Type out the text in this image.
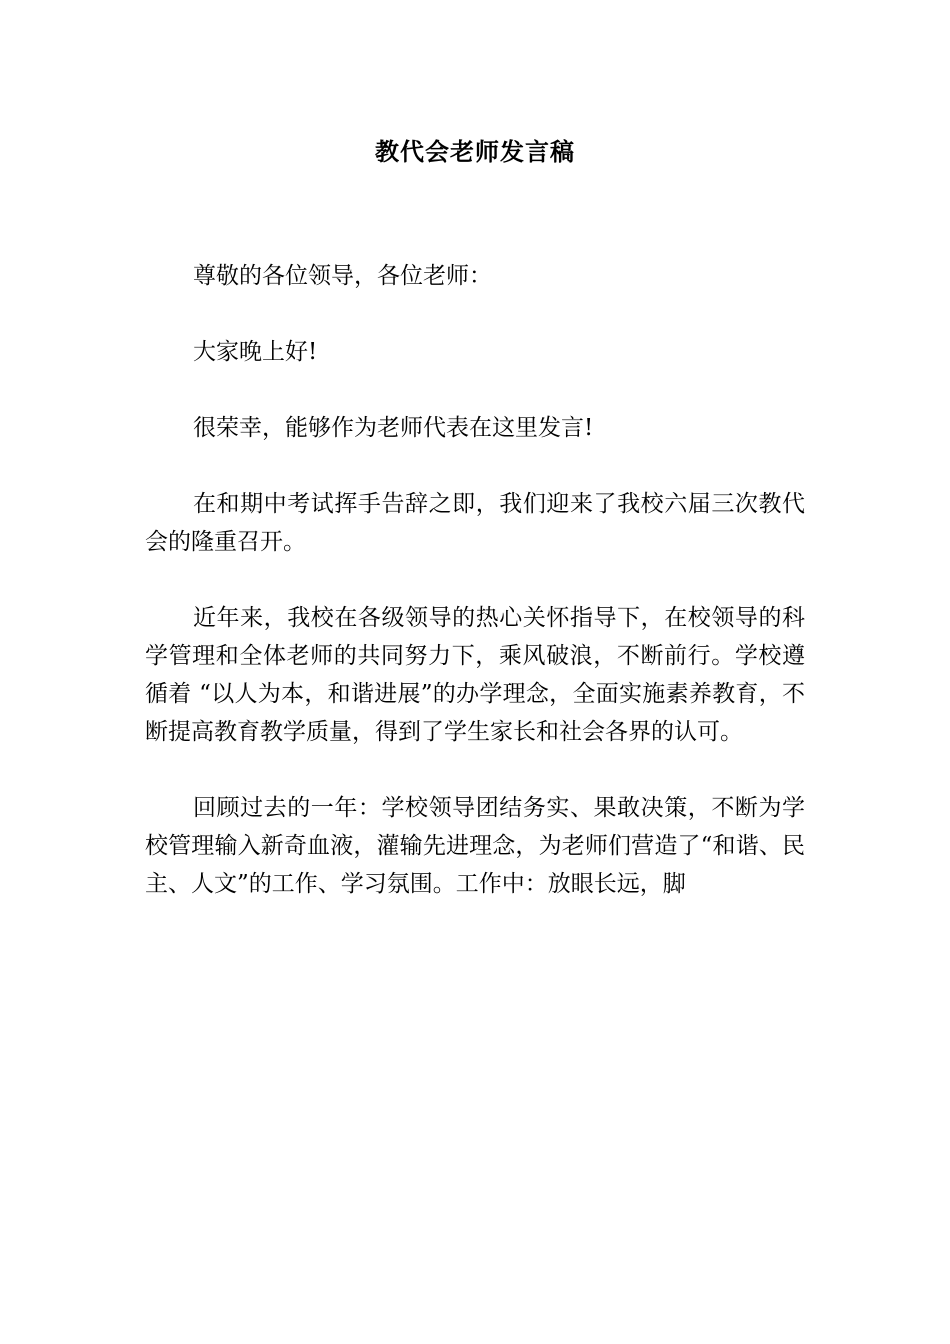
教代会老师发言稿

尊敬的各位领导，各位老师：

大家晚上好!

很荣幸，能够作为老师代表在这里发言!

在和期中考试挥手告辞之即，我们迎来了我校六届三次教代会的隆重召开。

近年来，我校在各级领导的热心关怀指导下，在校领导的科学管理和全体老师的共同努力下，乘风破浪，不断前行。学校遵循着 “以人为本，和谐进展”的办学理念，全面实施素养教育，不断提高教育教学质量，得到了学生家长和社会各界的认可。

回顾过去的一年：学校领导团结务实、果敢决策，不断为学校管理输入新奇血液，灌输先进理念，为老师们营造了“和谐、民主、人文”的工作、学习氛围。工作中：放眼长远，脚
